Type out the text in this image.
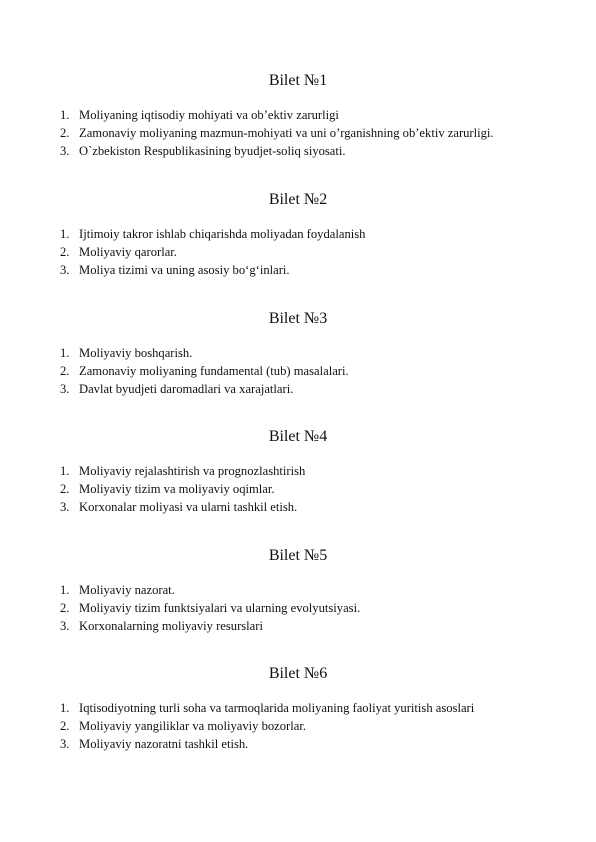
Bilet №1
1. Moliyaning iqtisodiy mohiyati va ob’ektiv zarurligi
2. Zamonaviy moliyaning mazmun-mohiyati va uni o’rganishning ob’ektiv zarurligi.
3. O`zbekiston Respublikasining byudjet-soliq siyosati.
Bilet №2
1. Ijtimoiy takror ishlab chiqarishda moliyadan foydalanish
2. Moliyaviy qarorlar.
3. Moliya tizimi va uning asosiy bo‘g‘inlari.
Bilet №3
1. Moliyaviy boshqarish.
2. Zamonaviy moliyaning fundamental (tub) masalalari.
3. Davlat byudjeti daromadlari va xarajatlari.
Bilet №4
1. Moliyaviy rejalashtirish va prognozlashtirish
2. Moliyaviy tizim va moliyaviy oqimlar.
3. Korxonalar moliyasi va ularni tashkil etish.
Bilet №5
1. Moliyaviy nazorat.
2. Moliyaviy tizim funktsiyalari va ularning evolyutsiyasi.
3. Korxonalarning moliyaviy resurslari
Bilet №6
1. Iqtisodiyotning turli soha va tarmoqlarida moliyaning faoliyat yuritish asoslari
2. Moliyaviy yangiliklar va moliyaviy bozorlar.
3. Moliyaviy nazoratni tashkil etish.
